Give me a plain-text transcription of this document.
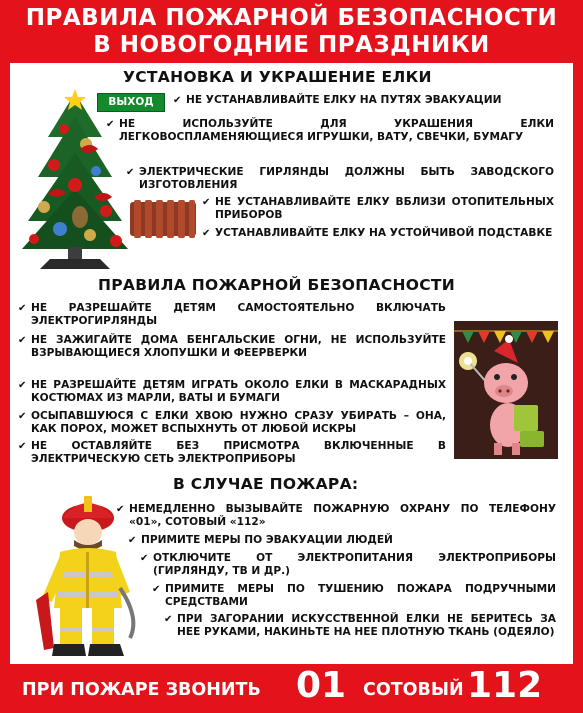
ПРАВИЛА ПОЖАРНОЙ БЕЗОПАСНОСТИ
В НОВОГОДНИЕ ПРАЗДНИКИ
УСТАНОВКА И УКРАШЕНИЕ ЕЛКИ
ВЫХОД	✔ НЕ УСТАНАВЛИВАЙТЕ ЕЛКУ НА ПУТЯХ ЭВАКУАЦИИ
✔ НЕ ИСПОЛЬЗУЙТЕ ДЛЯ УКРАШЕНИЯ ЕЛКИ ЛЕГКОВОСПЛАМЕНЯЮЩИЕСЯ ИГРУШКИ, ВАТУ, СВЕЧКИ, БУМАГУ
✔ ЭЛЕКТРИЧЕСКИЕ ГИРЛЯНДЫ ДОЛЖНЫ БЫТЬ ЗАВОДСКОГО ИЗГОТОВЛЕНИЯ
✔ НЕ УСТАНАВЛИВАЙТЕ ЕЛКУ ВБЛИЗИ ОТОПИТЕЛЬНЫХ ПРИБОРОВ
✔ УСТАНАВЛИВАЙТЕ ЕЛКУ НА УСТОЙЧИВОЙ ПОДСТАВКЕ
ПРАВИЛА ПОЖАРНОЙ БЕЗОПАСНОСТИ
✔ НЕ РАЗРЕШАЙТЕ ДЕТЯМ САМОСТОЯТЕЛЬНО ВКЛЮЧАТЬ ЭЛЕКТРОГИРЛЯНДЫ
✔ НЕ ЗАЖИГАЙТЕ ДОМА БЕНГАЛЬСКИЕ ОГНИ, НЕ ИСПОЛЬЗУЙТЕ ВЗРЫВАЮЩИЕСЯ ХЛОПУШКИ И ФЕЕРВЕРКИ
✔ НЕ РАЗРЕШАЙТЕ ДЕТЯМ ИГРАТЬ ОКОЛО ЕЛКИ В МАСКАРАДНЫХ КОСТЮМАХ ИЗ МАРЛИ, ВАТЫ И БУМАГИ
✔ ОСЫПАВШУЮСЯ С ЕЛКИ ХВОЮ НУЖНО СРАЗУ УБИРАТЬ – ОНА, КАК ПОРОХ, МОЖЕТ ВСПЫХНУТЬ ОТ ЛЮБОЙ ИСКРЫ
✔ НЕ ОСТАВЛЯЙТЕ БЕЗ ПРИСМОТРА ВКЛЮЧЕННЫЕ В ЭЛЕКТРИЧЕСКУЮ СЕТЬ ЭЛЕКТРОПРИБОРЫ
В СЛУЧАЕ ПОЖАРА:
✔ НЕМЕДЛЕННО ВЫЗЫВАЙТЕ ПОЖАРНУЮ ОХРАНУ ПО ТЕЛЕФОНУ «01», СОТОВЫЙ «112»
✔ ПРИМИТЕ МЕРЫ ПО ЭВАКУАЦИИ ЛЮДЕЙ
✔ ОТКЛЮЧИТЕ ОТ ЭЛЕКТРОПИТАНИЯ ЭЛЕКТРОПРИБОРЫ (ГИРЛЯНДУ, ТВ И ДР.)
✔ ПРИМИТЕ МЕРЫ ПО ТУШЕНИЮ ПОЖАРА ПОДРУЧНЫМИ СРЕДСТВАМИ
✔ ПРИ ЗАГОРАНИИ ИСКУССТВЕННОЙ ЕЛКИ НЕ БЕРИТЕСЬ ЗА НЕЕ РУКАМИ, НАКИНЬТЕ НА НЕЕ ПЛОТНУЮ ТКАНЬ (ОДЕЯЛО)
ПРИ ПОЖАРЕ ЗВОНИТЬ 01 СОТОВЫЙ 112
